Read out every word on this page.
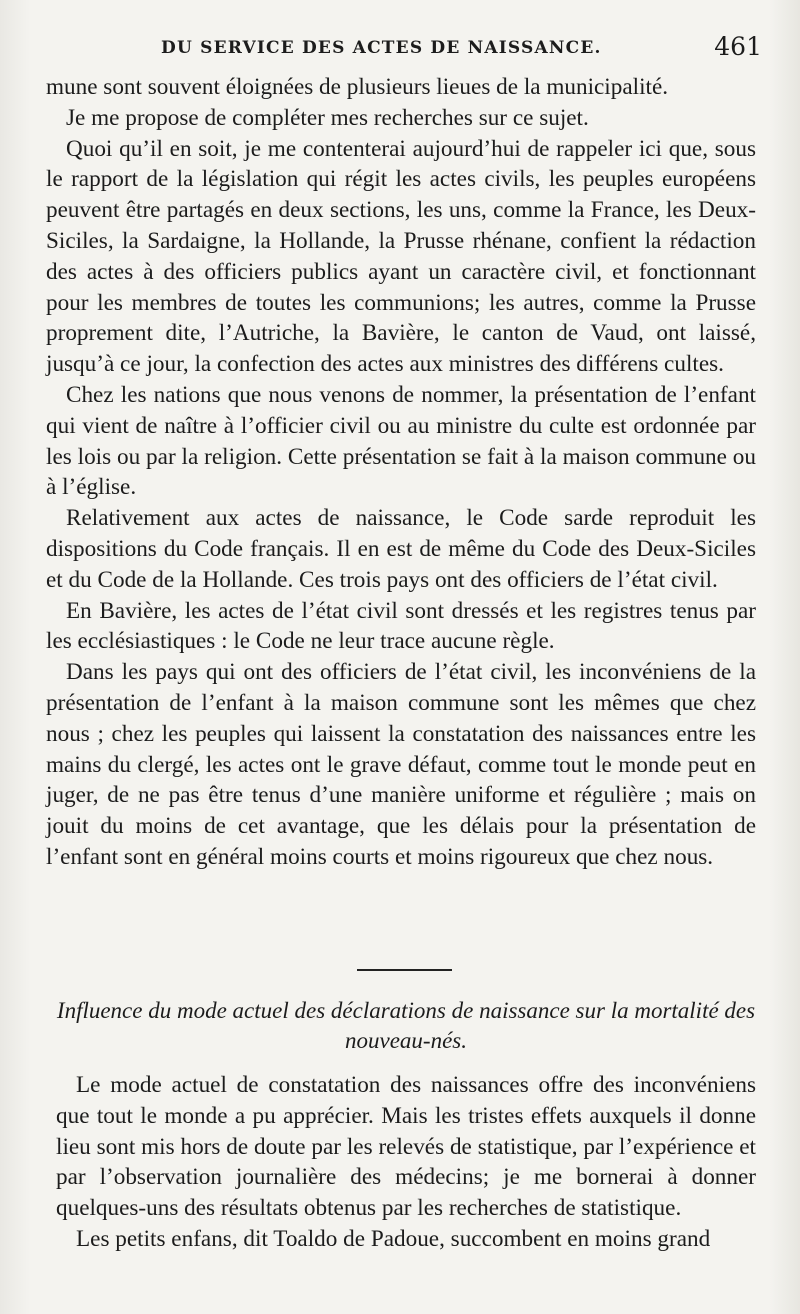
DU SERVICE DES ACTES DE NAISSANCE.	461

mune sont souvent éloignées de plusieurs lieues de la municipalité.

Je me propose de compléter mes recherches sur ce sujet.

Quoi qu’il en soit, je me contenterai aujourd’hui de rappeler ici que, sous le rapport de la législation qui régit les actes civils, les peuples européens peuvent être partagés en deux sections, les uns, comme la France, les Deux-Siciles, la Sardaigne, la Hollande, la Prusse rhénane, confient la rédaction des actes à des officiers publics ayant un caractère civil, et fonctionnant pour les membres de toutes les communions; les autres, comme la Prusse proprement dite, l’Autriche, la Bavière, le canton de Vaud, ont laissé, jusqu’à ce jour, la confection des actes aux ministres des différens cultes.

Chez les nations que nous venons de nommer, la présentation de l’enfant qui vient de naître à l’officier civil ou au ministre du culte est ordonnée par les lois ou par la religion. Cette présentation se fait à la maison commune ou à l’église.

Relativement aux actes de naissance, le Code sarde reproduit les dispositions du Code français. Il en est de même du Code des Deux-Siciles et du Code de la Hollande. Ces trois pays ont des officiers de l’état civil.

En Bavière, les actes de l’état civil sont dressés et les registres tenus par les ecclésiastiques : le Code ne leur trace aucune règle.

Dans les pays qui ont des officiers de l’état civil, les inconvéniens de la présentation de l’enfant à la maison commune sont les mêmes que chez nous ; chez les peuples qui laissent la constatation des naissances entre les mains du clergé, les actes ont le grave défaut, comme tout le monde peut en juger, de ne pas être tenus d’une manière uniforme et régulière ; mais on jouit du moins de cet avantage, que les délais pour la présentation de l’enfant sont en général moins courts et moins rigoureux que chez nous.

Influence du mode actuel des déclarations de naissance sur la mortalité des nouveau-nés.

Le mode actuel de constatation des naissances offre des inconvéniens que tout le monde a pu apprécier. Mais les tristes effets auxquels il donne lieu sont mis hors de doute par les relevés de statistique, par l’expérience et par l’observation journalière des médecins; je me bornerai à donner quelques-uns des résultats obtenus par les recherches de statistique.

Les petits enfans, dit Toaldo de Padoue, succombent en moins grand
